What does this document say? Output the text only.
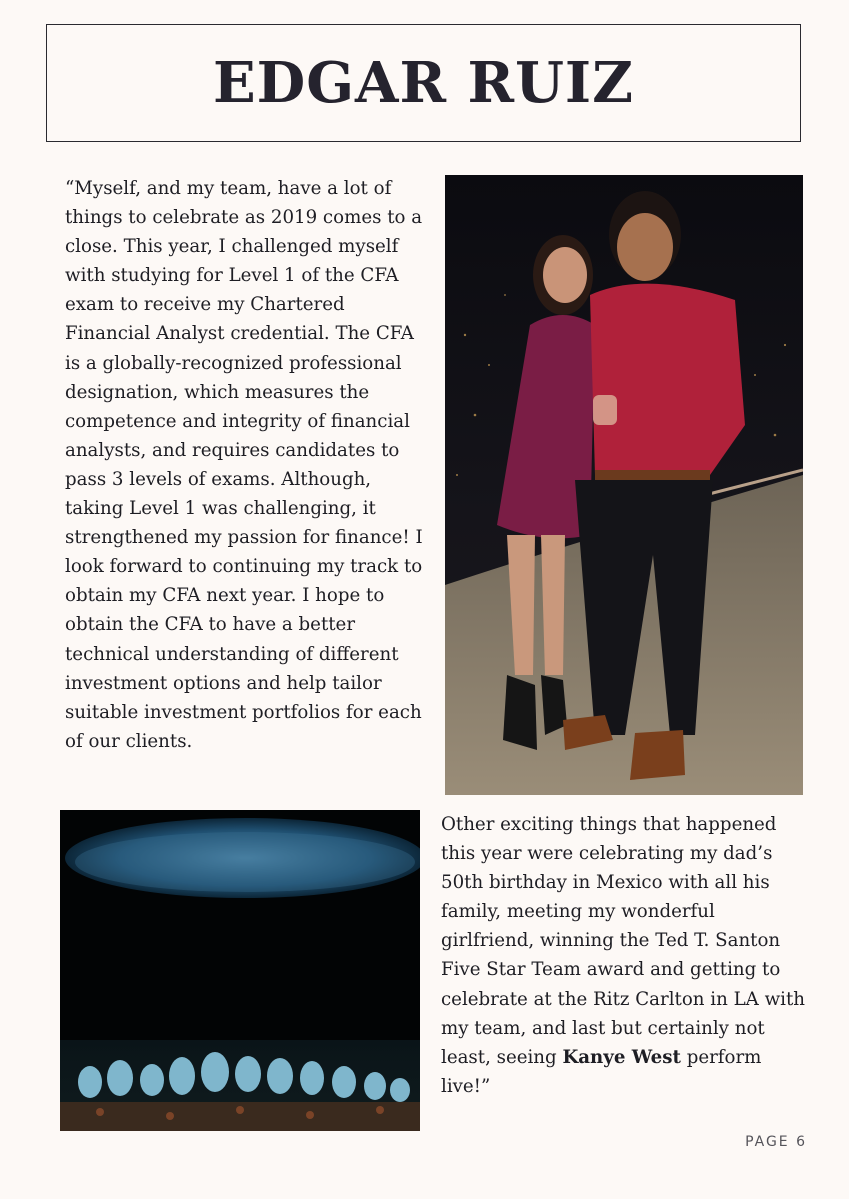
EDGAR RUIZ

“Myself, and my team, have a lot of things to celebrate as 2019 comes to a close. This year, I challenged myself with studying for Level 1 of the CFA exam to receive my Chartered Financial Analyst credential. The CFA is a globally-recognized professional designation, which measures the competence and integrity of financial analysts, and requires candidates to pass 3 levels of exams. Although, taking Level 1 was challenging, it strengthened my passion for finance! I look forward to continuing my track to obtain my CFA next year. I hope to obtain the CFA to have a better technical understanding of different investment options and help tailor suitable investment portfolios for each of our clients.

Other exciting things that happened this year were celebrating my dad’s 50th birthday in Mexico with all his family, meeting my wonderful girlfriend, winning the Ted T. Santon Five Star Team award and getting to celebrate at the Ritz Carlton in LA with my team, and last but certainly not least, seeing Kanye West perform live!”

PAGE 6
